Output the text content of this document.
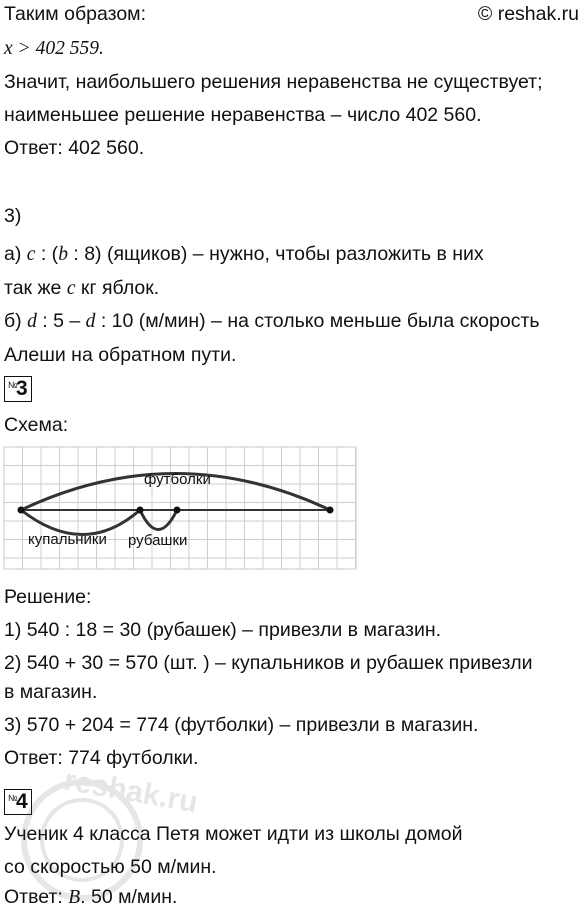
Таким образом:	© reshak.ru
x > 402 559.
Значит, наибольшего решения неравенства не существует;
наименьшее решение неравенства – число 402 560.
Ответ: 402 560.
3)
а) c : (b : 8) (ящиков) – нужно, чтобы разложить в них
так же c кг яблок.
б) d : 5 – d : 10 (м/мин) – на столько меньше была скорость
Алеши на обратном пути.
№
3
Схема:
футболки
купальники рубашки
Решение:
1) 540 : 18 = 30 (рубашек) – привезли в магазин.
2) 540 + 30 = 570 (шт. ) – купальников и рубашек привезли
в магазин.
3) 570 + 204 = 774 (футболки) – привезли в магазин.
Ответ: 774 футболки.
№
4
Ученик 4 класса Петя может идти из школы домой
со скоростью 50 м/мин.
Ответ: В. 50 м/мин.
reshak.ru
